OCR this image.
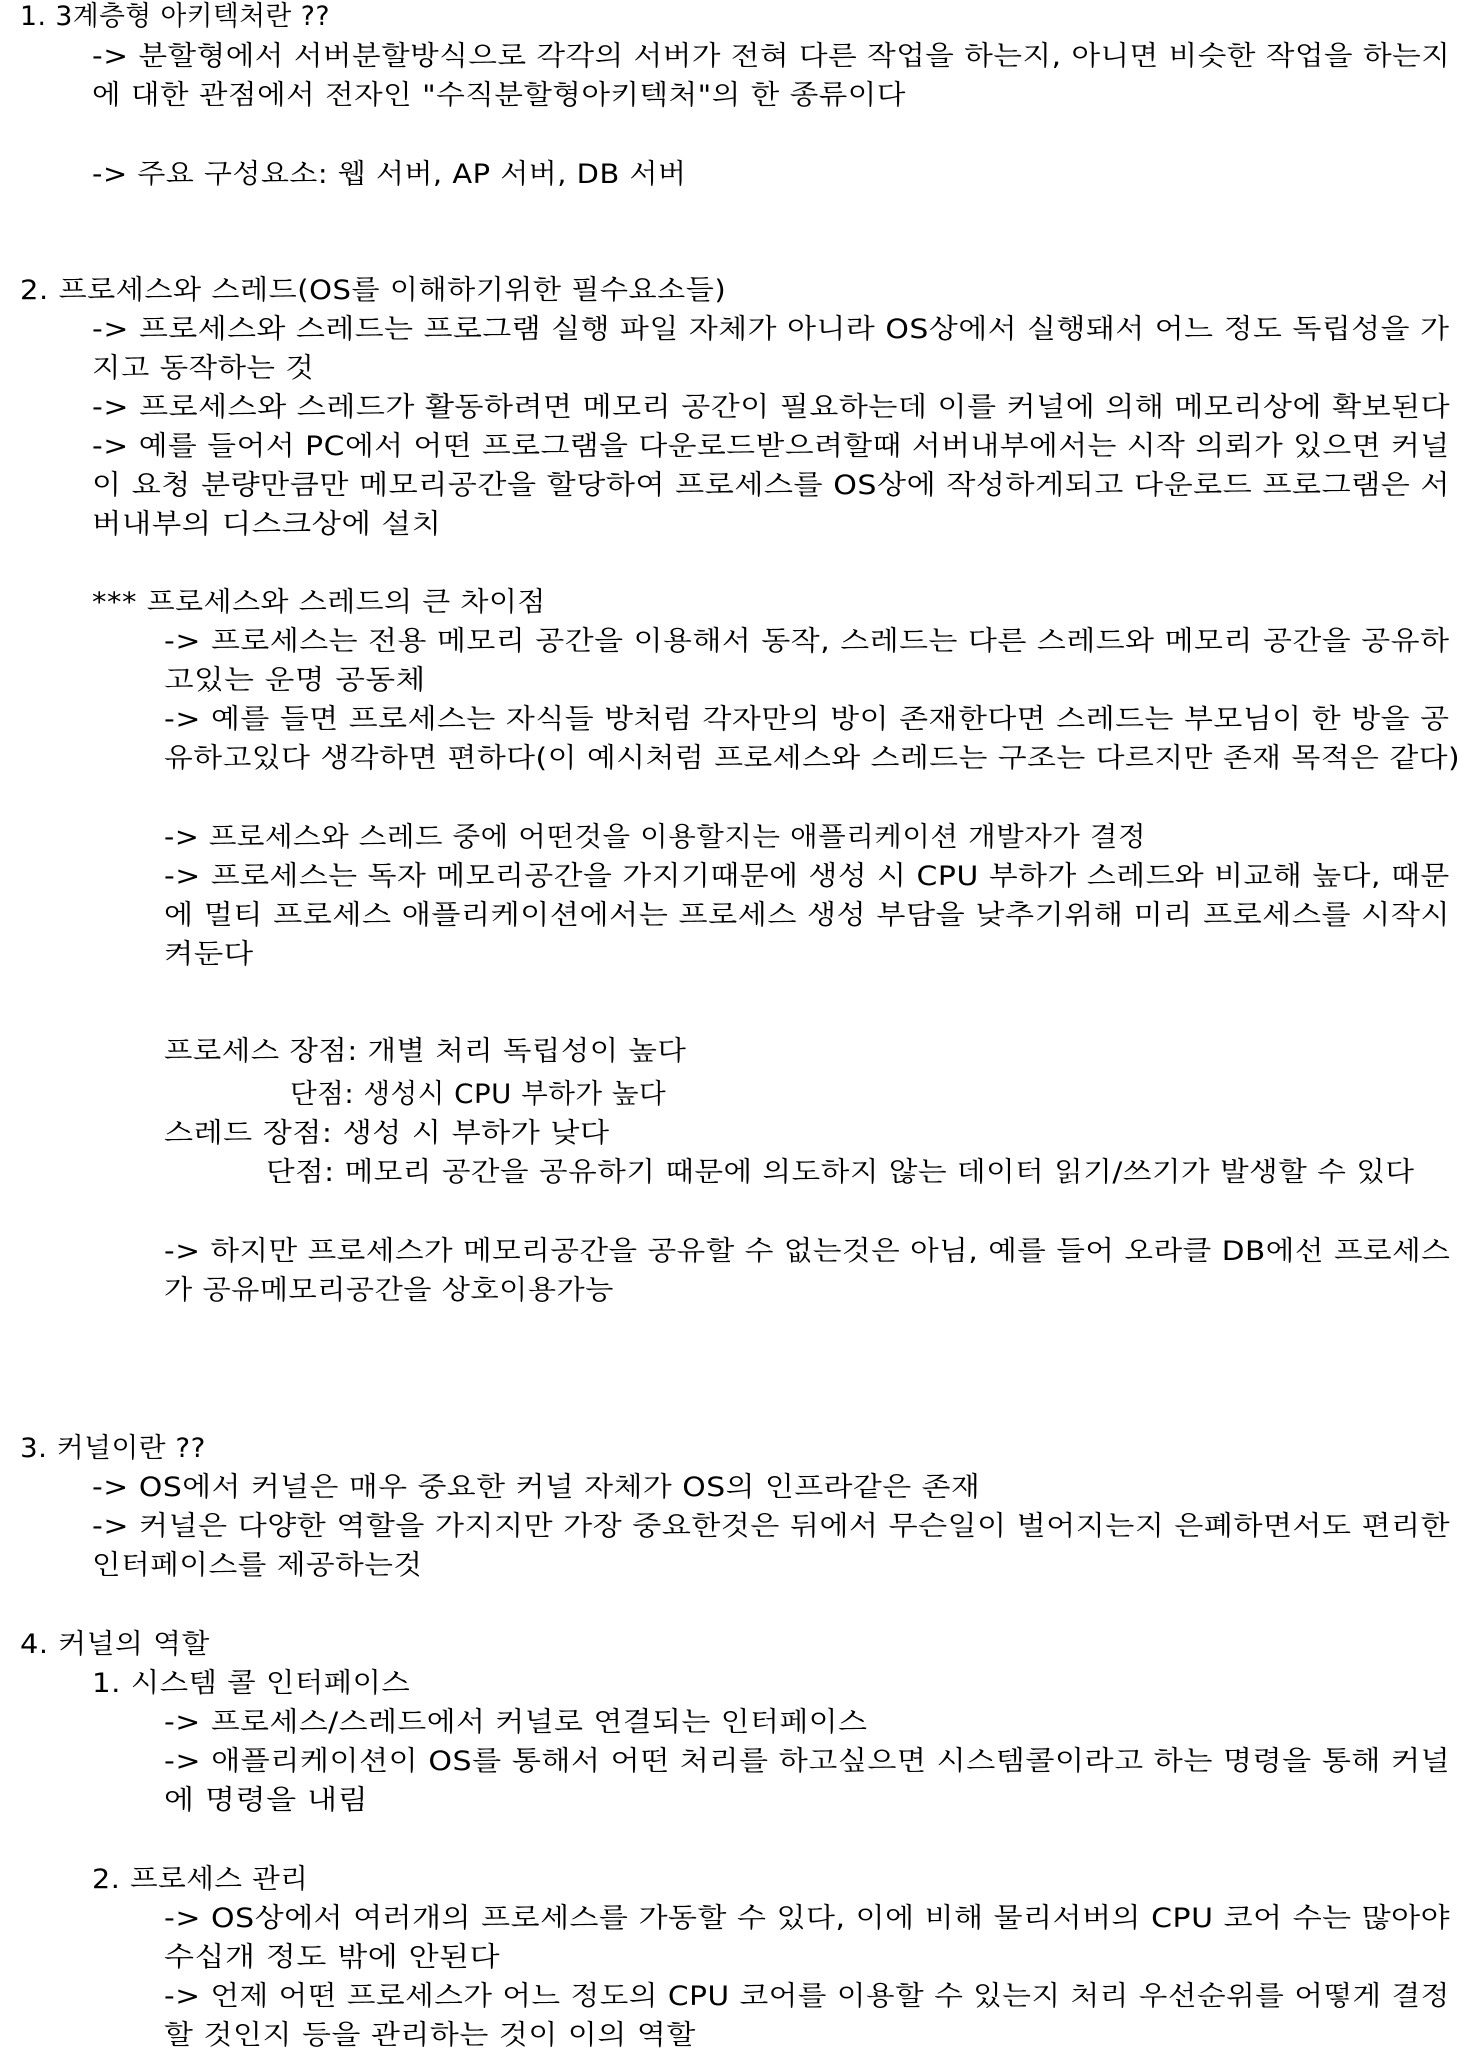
1. 3계층형 아키텍처란 ??

-> 분할형에서 서버분할방식으로 각각의 서버가 전혀 다른 작업을 하는지, 아니면 비슷한 작업을 하는지

에 대한 관점에서 전자인 "수직분할형아키텍처"의 한 종류이다

-> 주요 구성요소: 웹 서버, AP 서버, DB 서버

2. 프로세스와 스레드(OS를 이해하기위한 필수요소들)

-> 프로세스와 스레드는 프로그램 실행 파일 자체가 아니라 OS상에서 실행돼서 어느 정도 독립성을 가

지고 동작하는 것

-> 프로세스와 스레드가 활동하려면 메모리 공간이 필요하는데 이를 커널에 의해 메모리상에 확보된다

-> 예를 들어서 PC에서 어떤 프로그램을 다운로드받으려할때 서버내부에서는 시작 의뢰가 있으면 커널

이 요청 분량만큼만 메모리공간을 할당하여 프로세스를 OS상에 작성하게되고 다운로드 프로그램은 서

버내부의 디스크상에 설치

*** 프로세스와 스레드의 큰 차이점

-> 프로세스는 전용 메모리 공간을 이용해서 동작, 스레드는 다른 스레드와 메모리 공간을 공유하

고있는 운명 공동체

-> 예를 들면 프로세스는 자식들 방처럼 각자만의 방이 존재한다면 스레드는 부모님이 한 방을 공

유하고있다 생각하면 편하다(이 예시처럼 프로세스와 스레드는 구조는 다르지만 존재 목적은 같다)

-> 프로세스와 스레드 중에 어떤것을 이용할지는 애플리케이션 개발자가 결정

-> 프로세스는 독자 메모리공간을 가지기때문에 생성 시 CPU 부하가 스레드와 비교해 높다, 때문

에 멀티 프로세스 애플리케이션에서는 프로세스 생성 부담을 낮추기위해 미리 프로세스를 시작시

켜둔다

프로세스 장점: 개별 처리 독립성이 높다

단점: 생성시 CPU 부하가 높다

스레드 장점: 생성 시 부하가 낮다

단점: 메모리 공간을 공유하기 때문에 의도하지 않는 데이터 읽기/쓰기가 발생할 수 있다

-> 하지만 프로세스가 메모리공간을 공유할 수 없는것은 아님, 예를 들어 오라클 DB에선 프로세스

가 공유메모리공간을 상호이용가능

3. 커널이란 ??

-> OS에서 커널은 매우 중요한 커널 자체가 OS의 인프라같은 존재

-> 커널은 다양한 역할을 가지지만 가장 중요한것은 뒤에서 무슨일이 벌어지는지 은폐하면서도 편리한

인터페이스를 제공하는것

4. 커널의 역할

1. 시스템 콜 인터페이스

-> 프로세스/스레드에서 커널로 연결되는 인터페이스

-> 애플리케이션이 OS를 통해서 어떤 처리를 하고싶으면 시스템콜이라고 하는 명령을 통해 커널

에 명령을 내림

2. 프로세스 관리

-> OS상에서 여러개의 프로세스를 가동할 수 있다, 이에 비해 물리서버의 CPU 코어 수는 많아야

수십개 정도 밖에 안된다

-> 언제 어떤 프로세스가 어느 정도의 CPU 코어를 이용할 수 있는지 처리 우선순위를 어떻게 결정

할 것인지 등을 관리하는 것이 이의 역할
